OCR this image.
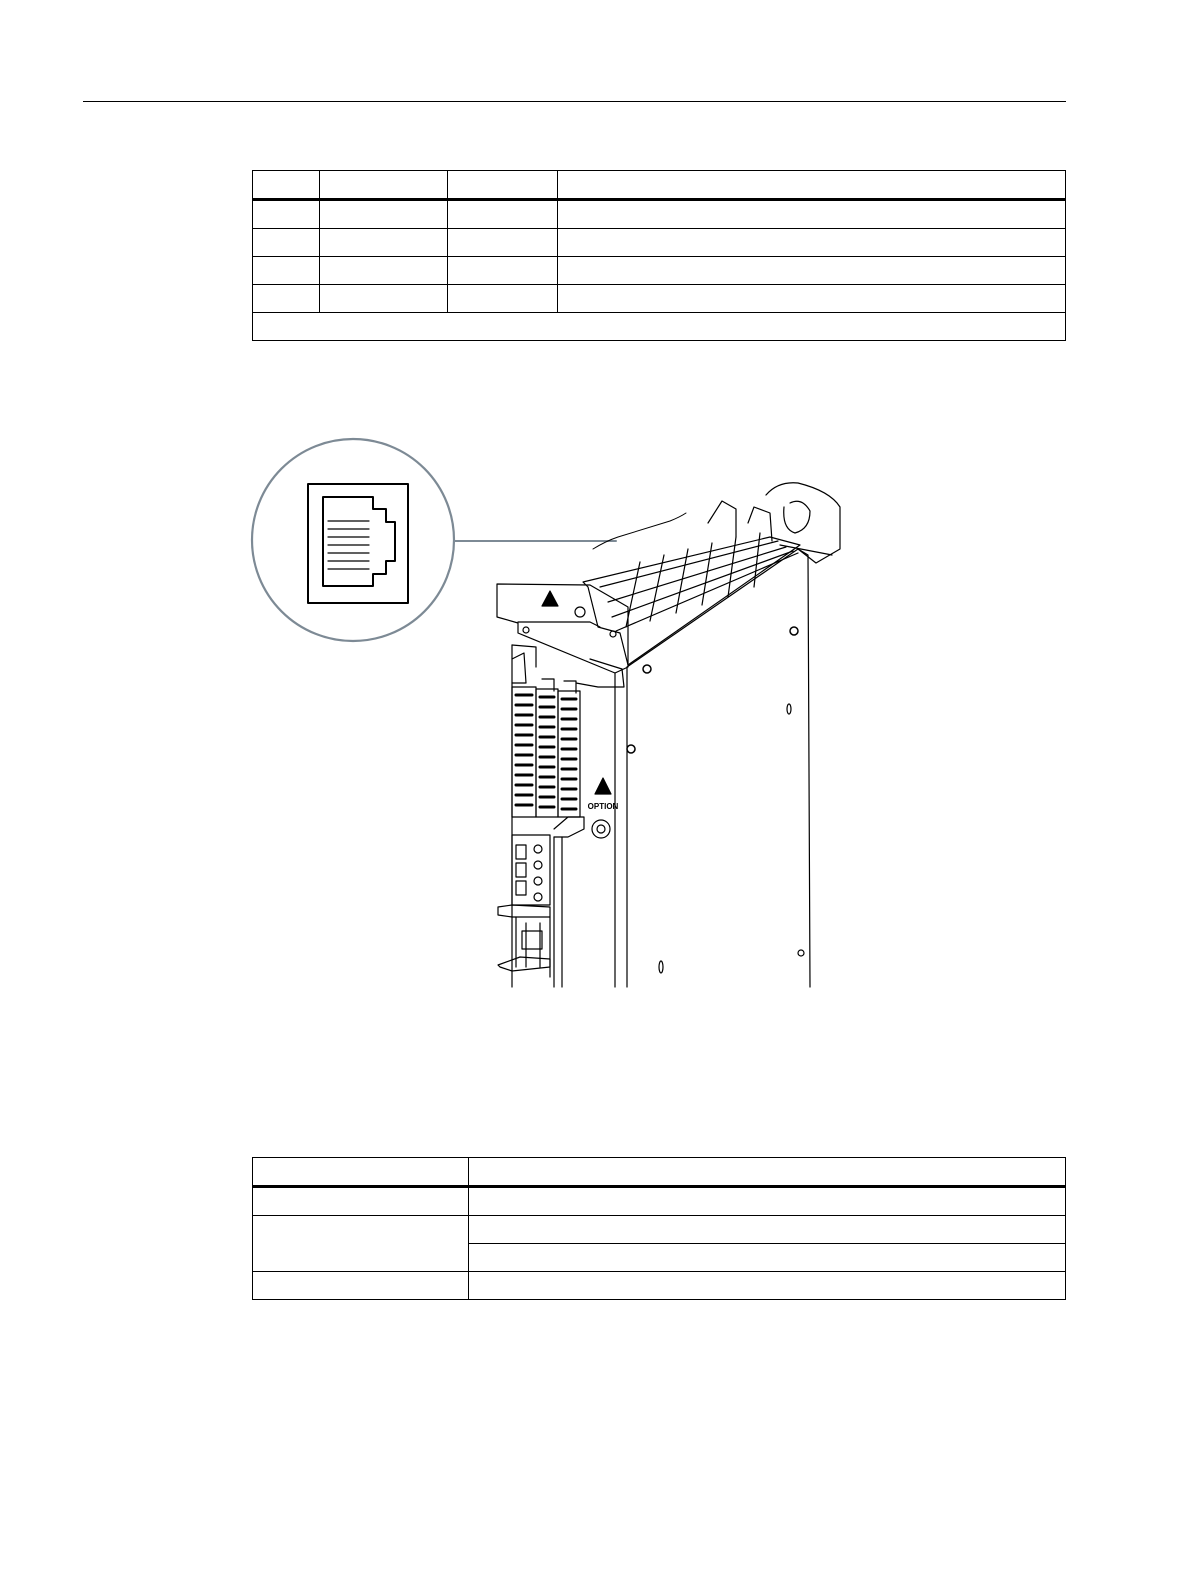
OPTION
